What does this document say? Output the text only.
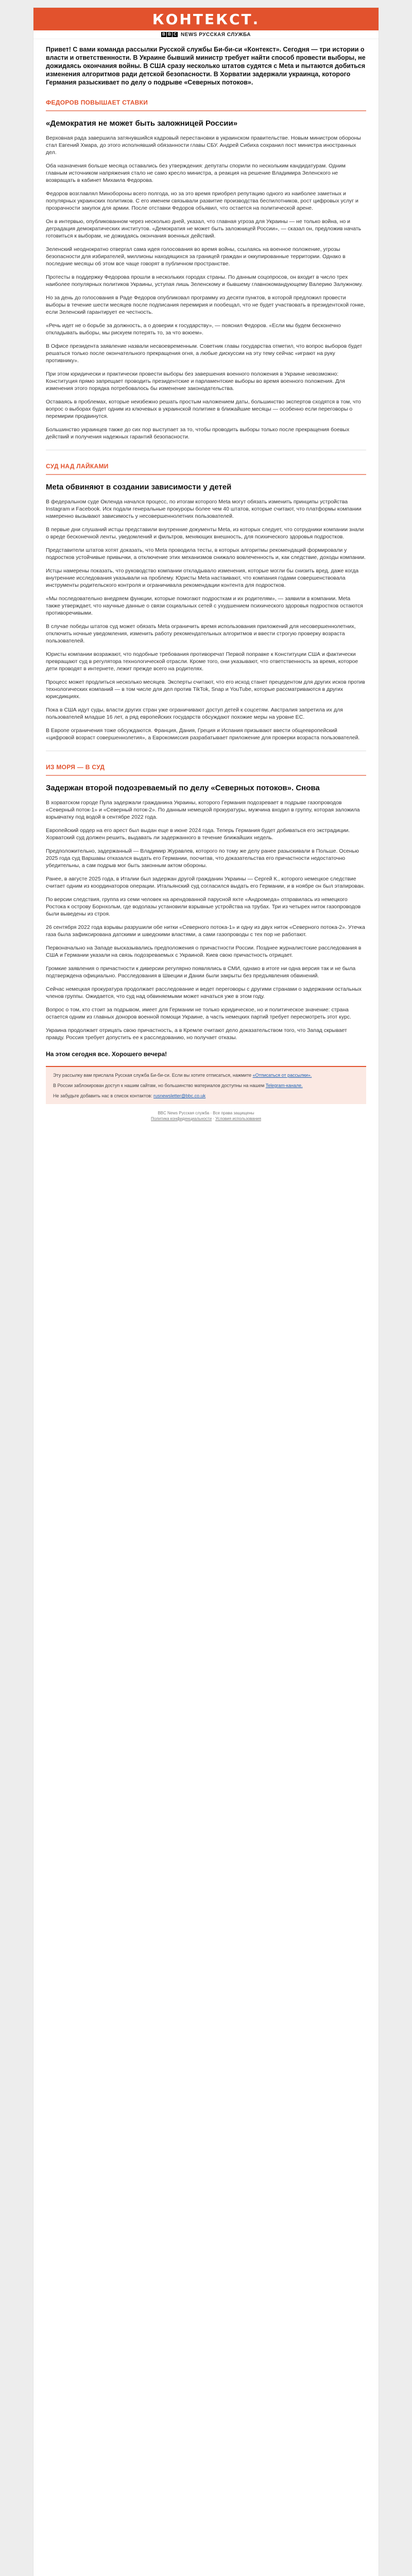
КОНТЕКСТ.
B B C NEWS РУССКАЯ СЛУЖБА
Привет! С вами команда рассылки Русской службы Би-би-си «Контекст». Сегодня — три истории о власти и ответственности. В Украине бывший министр требует найти способ провести выборы, не дожидаясь окончания войны. В США сразу несколько штатов судятся с Meta и пытаются добиться изменения алгоритмов ради детской безопасности. В Хорватии задержали украинца, которого Германия разыскивает по делу о подрыве «Северных потоков».
ФЕДОРОВ ПОВЫШАЕТ СТАВКИ
«Демократия не может быть заложницей России»

Верховная рада завершила затянувшийся кадровый перестановки в украинском правительстве. Новым министром обороны стал Евгений Хмара, до этого исполнявший обязанности главы СБУ. Андрей Сибиха сохранил пост министра иностранных дел.

Оба назначения больше месяца оставались без утверждения: депутаты спорили по нескольким кандидатурам. Одним главным источником напряжения стало не само кресло министра, а реакция на решение Владимира Зеленского не возвращать в кабинет Михаила Федорова.

Федоров возглавлял Минобороны всего полгода, но за это время приобрел репутацию одного из наиболее заметных и популярных украинских политиков. С его именем связывали развитие производства беспилотников, рост цифровых услуг и прозрачности закупок для армии. После отставки Федоров объявил, что остается на политической арене.

Он в интервью, опубликованном через несколько дней, указал, что главная угроза для Украины — не только война, но и деградация демократических институтов. «Демократия не может быть заложницей России», — сказал он, предложив начать готовиться к выборам, не дожидаясь окончания военных действий.

Зеленский неоднократно отвергал сама идея голосования во время войны, ссылаясь на военное положение, угрозы безопасности для избирателей, миллионы находящихся за границей граждан и оккупированные территории. Однако в последние месяцы об этом все чаще говорят в публичном пространстве.

Протесты в поддержку Федорова прошли в нескольких городах страны. По данным соцопросов, он входит в число трех наиболее популярных политиков Украины, уступая лишь Зеленскому и бывшему главнокомандующему Валерию Залужному.

Но за день до голосования в Раде Федоров опубликовал программу из десяти пунктов, в которой предложил провести выборы в течение шести месяцев после подписания перемирия и пообещал, что не будет участвовать в президентской гонке, если Зеленский гарантирует ее честность.

«Речь идет не о борьбе за должность, а о доверии к государству», — пояснил Федоров. «Если мы будем бесконечно откладывать выборы, мы рискуем потерять то, за что воюем».

В Офисе президента заявление назвали несвоевременным. Советник главы государства отметил, что вопрос выборов будет решаться только после окончательного прекращения огня, а любые дискуссии на эту тему сейчас «играют на руку противнику».

При этом юридически и практически провести выборы без завершения военного положения в Украине невозможно: Конституция прямо запрещает проводить президентские и парламентские выборы во время военного положения. Для изменения этого порядка потребовалось бы изменение законодательства.

Оставаясь в проблемах, которые неизбежно решать простым наложением даты, большинство экспертов сходятся в том, что вопрос о выборах будет одним из ключевых в украинской политике в ближайшие месяцы — особенно если переговоры о перемирии продвинутся.

Большинство украинцев также до сих пор выступает за то, чтобы проводить выборы только после прекращения боевых действий и получения надежных гарантий безопасности.

СУД НАД ЛАЙКАМИ
Meta обвиняют в создании зависимости у детей

В федеральном суде Окленда начался процесс, по итогам которого Meta могут обязать изменить принципы устройства Instagram и Facebook. Иск подали генеральные прокуроры более чем 40 штатов, которые считают, что платформы компании намеренно вызывают зависимость у несовершеннолетних пользователей.

В первые дни слушаний истцы представили внутренние документы Meta, из которых следует, что сотрудники компании знали о вреде бесконечной ленты, уведомлений и фильтров, меняющих внешность, для психического здоровья подростков.

Представители штатов хотят доказать, что Meta проводила тесты, в которых алгоритмы рекомендаций формировали у подростков устойчивые привычки, а отключение этих механизмов снижало вовлеченность и, как следствие, доходы компании.

Истцы намерены показать, что руководство компании откладывало изменения, которые могли бы снизить вред, даже когда внутренние исследования указывали на проблему. Юристы Meta настаивают, что компания годами совершенствовала инструменты родительского контроля и ограничивала рекомендации контента для подростков.

«Мы последовательно внедряем функции, которые помогают подросткам и их родителям», — заявили в компании. Meta также утверждает, что научные данные о связи социальных сетей с ухудшением психического здоровья подростков остаются противоречивыми.

В случае победы штатов суд может обязать Meta ограничить время использования приложений для несовершеннолетних, отключить ночные уведомления, изменить работу рекомендательных алгоритмов и ввести строгую проверку возраста пользователей.

Юристы компании возражают, что подобные требования противоречат Первой поправке к Конституции США и фактически превращают суд в регулятора технологической отрасли. Кроме того, они указывают, что ответственность за время, которое дети проводят в интернете, лежит прежде всего на родителях.

Процесс может продлиться несколько месяцев. Эксперты считают, что его исход станет прецедентом для других исков против технологических компаний — в том числе для дел против TikTok, Snap и YouTube, которые рассматриваются в других юрисдикциях.

Пока в США идут суды, власти других стран уже ограничивают доступ детей к соцсетям. Австралия запретила их для пользователей младше 16 лет, а ряд европейских государств обсуждают похожие меры на уровне ЕС.

В Европе ограничения тоже обсуждаются. Франция, Дания, Греция и Испания призывают ввести общеевропейский «цифровой возраст совершеннолетия», а Еврокомиссия разрабатывает приложение для проверки возраста пользователей.

ИЗ МОРЯ — В СУД
Задержан второй подозреваемый по делу «Северных потоков». Снова

В хорватском городе Пула задержали гражданина Украины, которого Германия подозревает в подрыве газопроводов «Северный поток-1» и «Северный поток-2». По данным немецкой прокуратуры, мужчина входил в группу, которая заложила взрывчатку под водой в сентябре 2022 года.

Европейский ордер на его арест был выдан еще в июне 2024 года. Теперь Германия будет добиваться его экстрадиции. Хорватский суд должен решить, выдавать ли задержанного в течение ближайших недель.

Предположительно, задержанный — Владимир Журавлев, которого по тому же делу ранее разыскивали в Польше. Осенью 2025 года суд Варшавы отказался выдать его Германии, посчитав, что доказательства его причастности недостаточно убедительны, а сам подрыв мог быть законным актом обороны.

Ранее, в августе 2025 года, в Италии был задержан другой гражданин Украины — Сергей К., которого немецкое следствие считает одним из координаторов операции. Итальянский суд согласился выдать его Германии, и в ноябре он был этапирован.

По версии следствия, группа из семи человек на арендованной парусной яхте «Андромеда» отправилась из немецкого Ростока к острову Борнхольм, где водолазы установили взрывные устройства на трубах. Три из четырех ниток газопроводов были выведены из строя.

26 сентября 2022 года взрывы разрушили обе нитки «Северного потока-1» и одну из двух ниток «Северного потока-2». Утечка газа была зафиксирована датскими и шведскими властями, а сами газопроводы с тех пор не работают.

Первоначально на Западе высказывались предположения о причастности России. Позднее журналистские расследования в США и Германии указали на связь подозреваемых с Украиной. Киев свою причастность отрицает.

Громкие заявления о причастности к диверсии регулярно появлялись в СМИ, однако в итоге ни одна версия так и не была подтверждена официально. Расследования в Швеции и Дании были закрыты без предъявления обвинений.

Сейчас немецкая прокуратура продолжает расследование и ведет переговоры с другими странами о задержании остальных членов группы. Ожидается, что суд над обвиняемыми может начаться уже в этом году.

Вопрос о том, кто стоит за подрывом, имеет для Германии не только юридическое, но и политическое значение: страна остается одним из главных доноров военной помощи Украине, а часть немецких партий требует пересмотреть этот курс.

Украина продолжает отрицать свою причастность, а в Кремле считают дело доказательством того, что Запад скрывает правду. Россия требует допустить ее к расследованию, но получает отказы.

На этом сегодня все. Хорошего вечера!

Эту рассылку вам прислала Русская служба Би-би-си. Если вы хотите отписаться, нажмите «Отписаться от рассылки».

В России заблокирован доступ к нашим сайтам, но большинство материалов доступны на нашем Telegram-канале.

Не забудьте добавить нас в список контактов: rusnewsletter@bbc.co.uk

BBC News Русская служба · Все права защищены
Политика конфиденциальности · Условия использования
